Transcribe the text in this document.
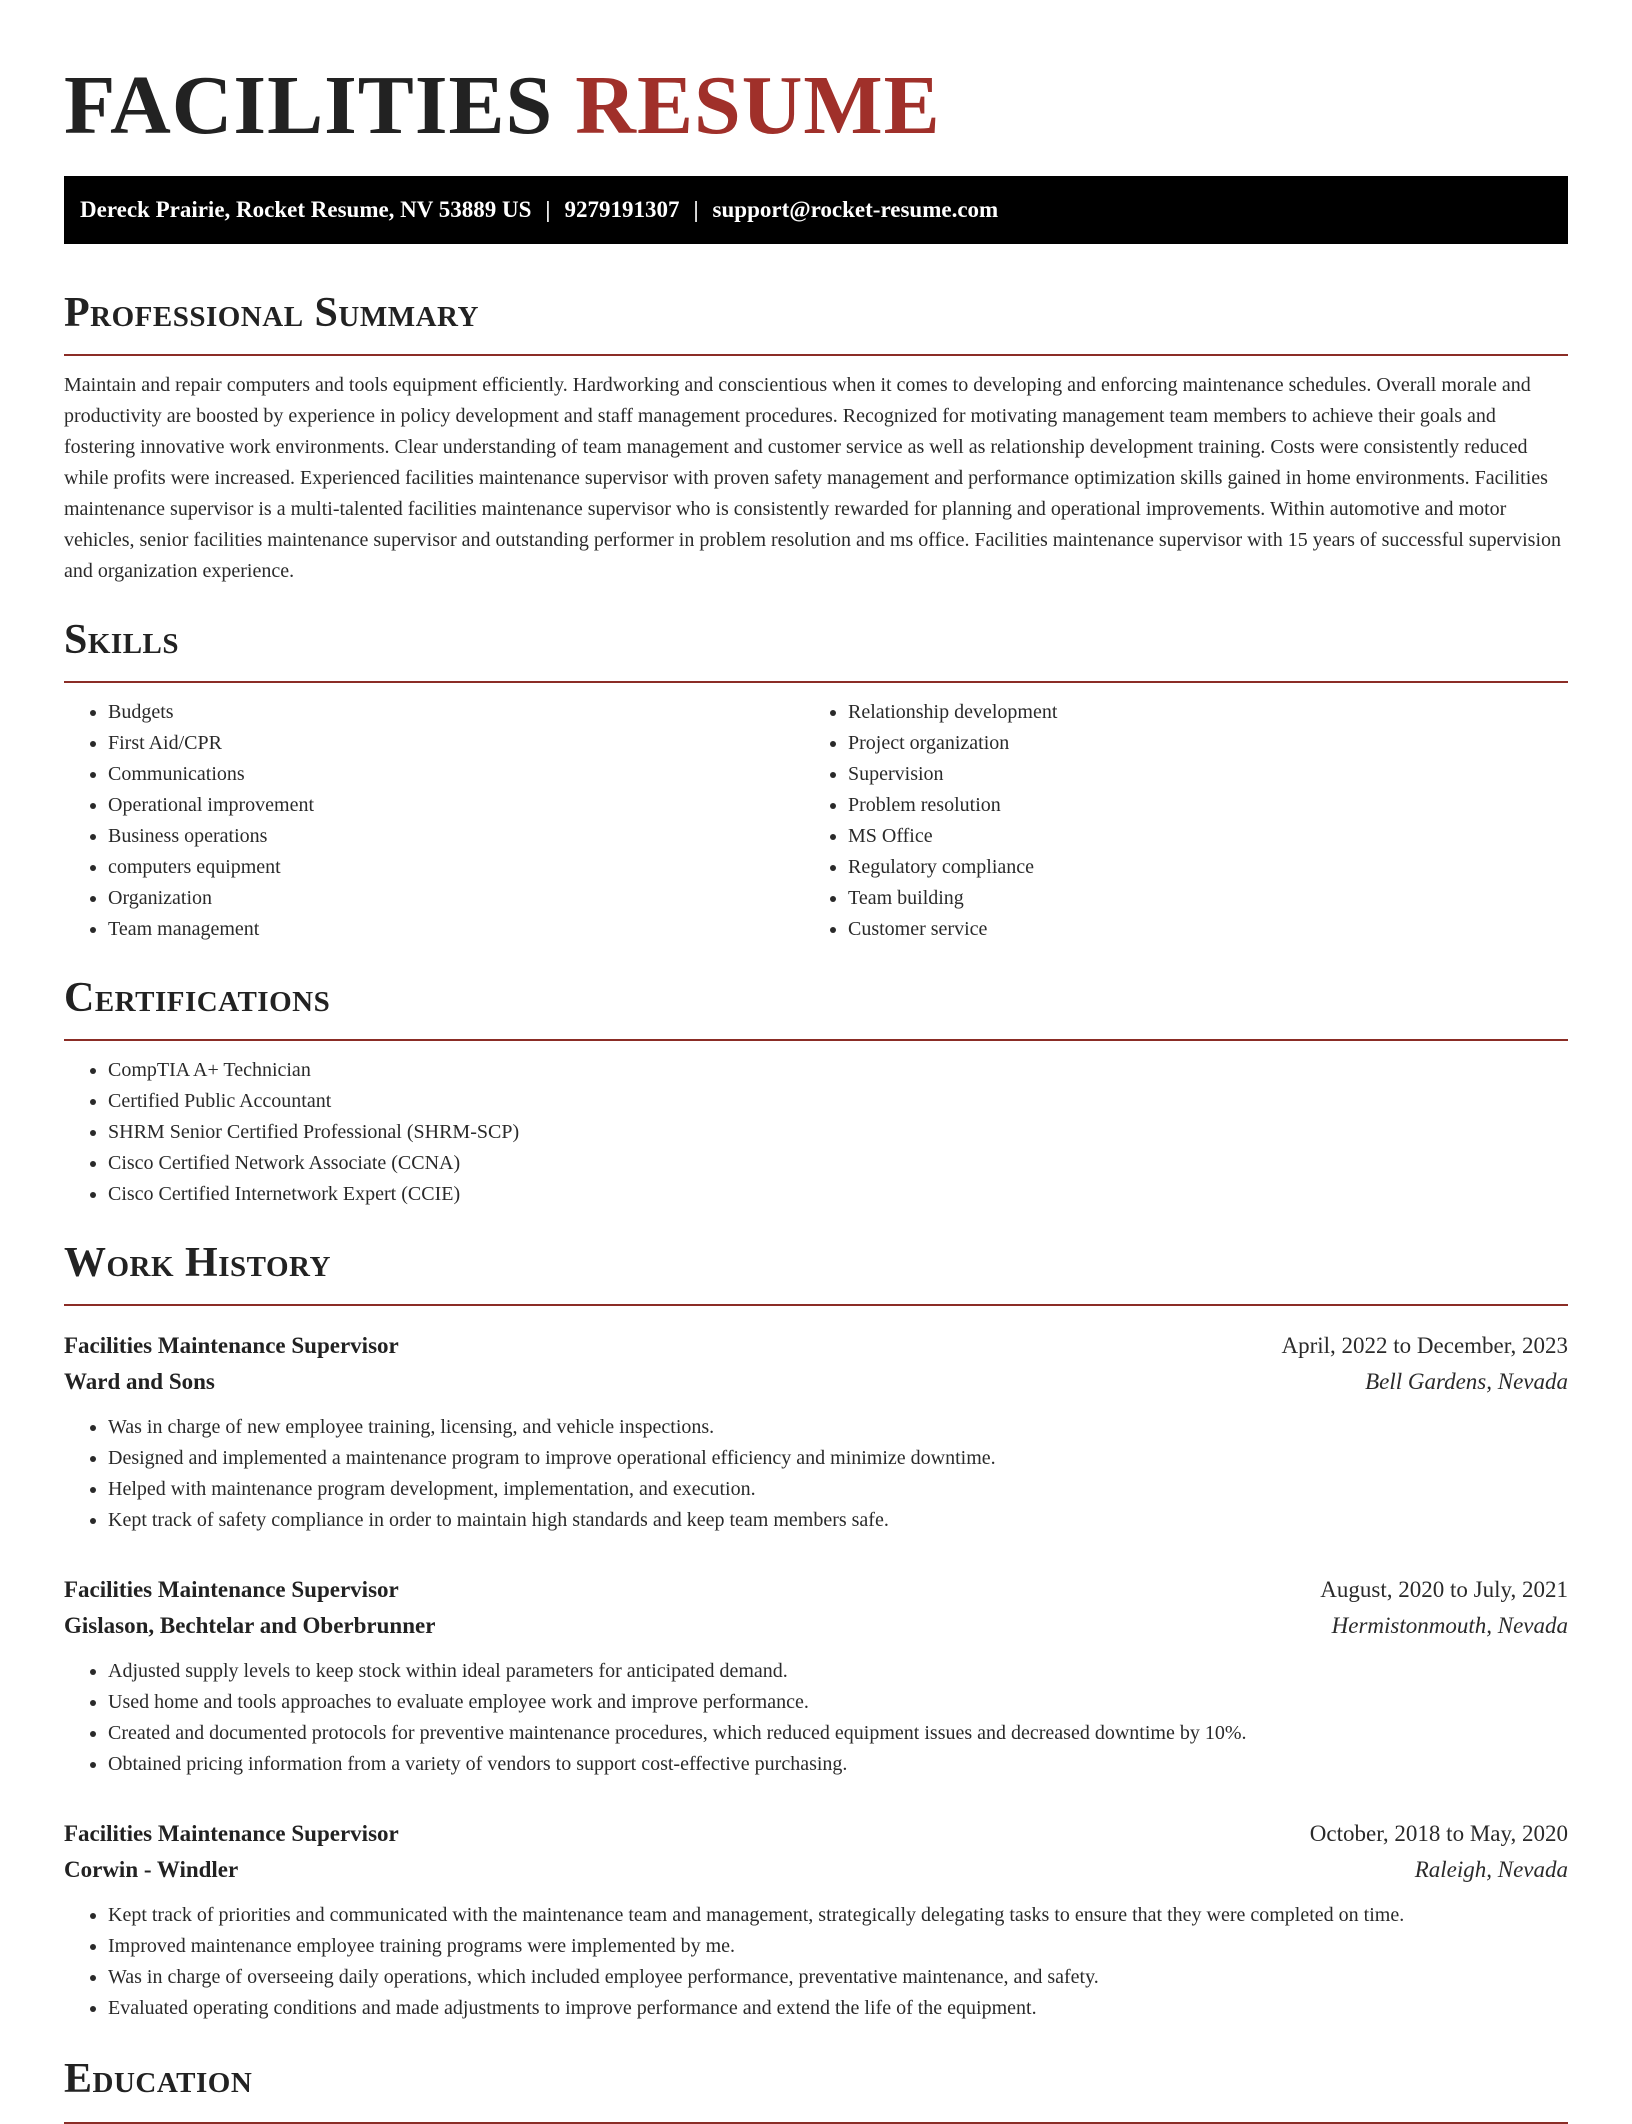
FACILITIES RESUME
Dereck Prairie, Rocket Resume, NV 53889 US | 9279191307 | support@rocket-resume.com
Professional Summary

Maintain and repair computers and tools equipment efficiently. Hardworking and conscientious when it comes to developing and enforcing maintenance schedules. Overall morale and productivity are boosted by experience in policy development and staff management procedures. Recognized for motivating management team members to achieve their goals and fostering innovative work environments. Clear understanding of team management and customer service as well as relationship development training. Costs were consistently reduced while profits were increased. Experienced facilities maintenance supervisor with proven safety management and performance optimization skills gained in home environments. Facilities maintenance supervisor is a multi-talented facilities maintenance supervisor who is consistently rewarded for planning and operational improvements. Within automotive and motor vehicles, senior facilities maintenance supervisor and outstanding performer in problem resolution and ms office. Facilities maintenance supervisor with 15 years of successful supervision and organization experience.

Skills
• Budgets
• First Aid/CPR
• Communications
• Operational improvement
• Business operations
• computers equipment
• Organization
• Team management
• Relationship development
• Project organization
• Supervision
• Problem resolution
• MS Office
• Regulatory compliance
• Team building
• Customer service
Certifications
• CompTIA A+ Technician
• Certified Public Accountant
• SHRM Senior Certified Professional (SHRM-SCP)
• Cisco Certified Network Associate (CCNA)
• Cisco Certified Internetwork Expert (CCIE)
Work History
Facilities Maintenance Supervisor	April, 2022 to December, 2023
Ward and Sons	Bell Gardens, Nevada
• Was in charge of new employee training, licensing, and vehicle inspections.
• Designed and implemented a maintenance program to improve operational efficiency and minimize downtime.
• Helped with maintenance program development, implementation, and execution.
• Kept track of safety compliance in order to maintain high standards and keep team members safe.
Facilities Maintenance Supervisor	August, 2020 to July, 2021
Gislason, Bechtelar and Oberbrunner	Hermistonmouth, Nevada
• Adjusted supply levels to keep stock within ideal parameters for anticipated demand.
• Used home and tools approaches to evaluate employee work and improve performance.
• Created and documented protocols for preventive maintenance procedures, which reduced equipment issues and decreased downtime by 10%.
• Obtained pricing information from a variety of vendors to support cost-effective purchasing.
Facilities Maintenance Supervisor	October, 2018 to May, 2020
Corwin - Windler	Raleigh, Nevada
• Kept track of priorities and communicated with the maintenance team and management, strategically delegating tasks to ensure that they were completed on time.
• Improved maintenance employee training programs were implemented by me.
• Was in charge of overseeing daily operations, which included employee performance, preventative maintenance, and safety.
• Evaluated operating conditions and made adjustments to improve performance and extend the life of the equipment.
Education
